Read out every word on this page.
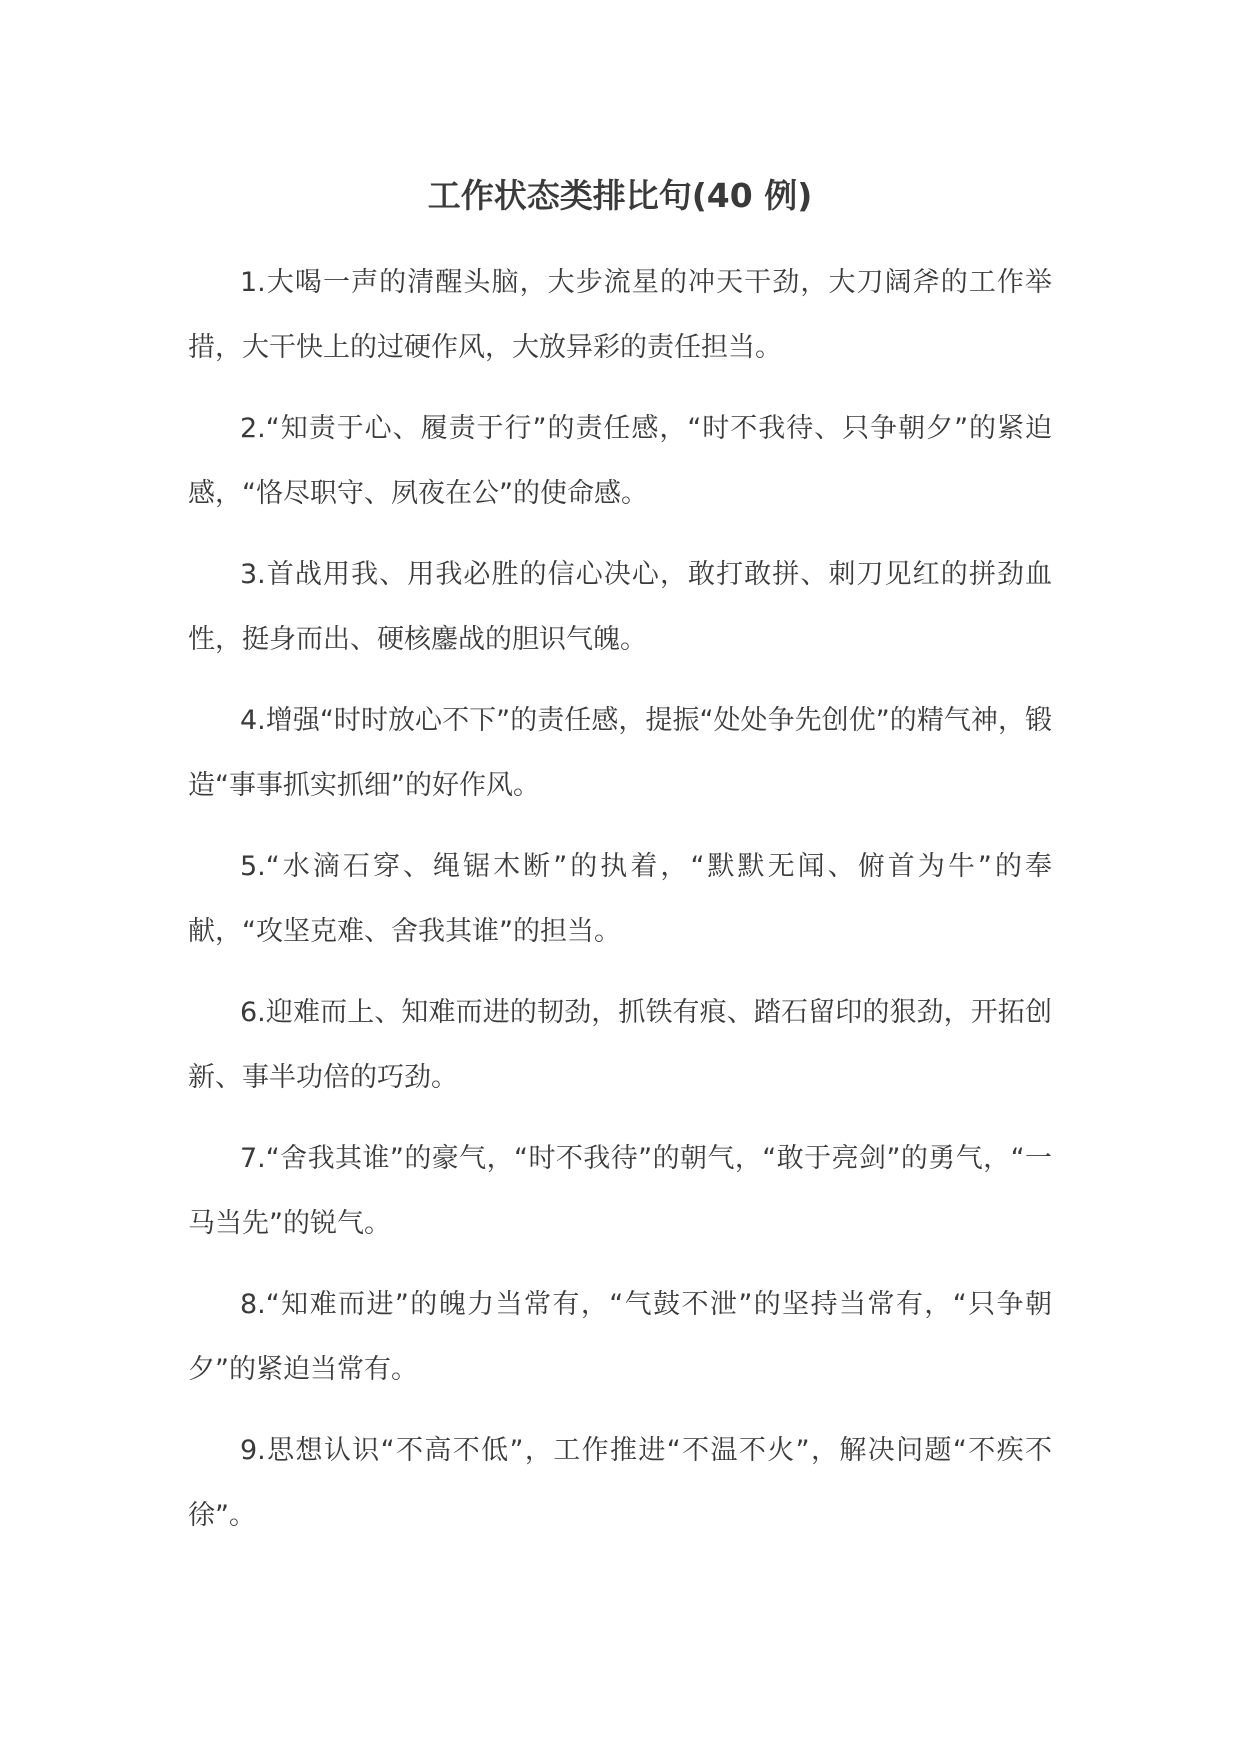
工作状态类排比句(40 例)

1.大喝一声的清醒头脑，大步流星的冲天干劲，大刀阔斧的工作举措，大干快上的过硬作风，大放异彩的责任担当。

2.“知责于心、履责于行”的责任感，“时不我待、只争朝夕”的紧迫感，“恪尽职守、夙夜在公”的使命感。

3.首战用我、用我必胜的信心决心，敢打敢拼、刺刀见红的拼劲血性，挺身而出、硬核鏖战的胆识气魄。

4.增强“时时放心不下”的责任感，提振“处处争先创优”的精气神，锻造“事事抓实抓细”的好作风。

5.“水滴石穿、绳锯木断”的执着，“默默无闻、俯首为牛”的奉献，“攻坚克难、舍我其谁”的担当。

6.迎难而上、知难而进的韧劲，抓铁有痕、踏石留印的狠劲，开拓创新、事半功倍的巧劲。

7.“舍我其谁”的豪气，“时不我待”的朝气，“敢于亮剑”的勇气，“一马当先”的锐气。

8.“知难而进”的魄力当常有，“气鼓不泄”的坚持当常有，“只争朝夕”的紧迫当常有。

9.思想认识“不高不低”，工作推进“不温不火”，解决问题“不疾不徐”。
